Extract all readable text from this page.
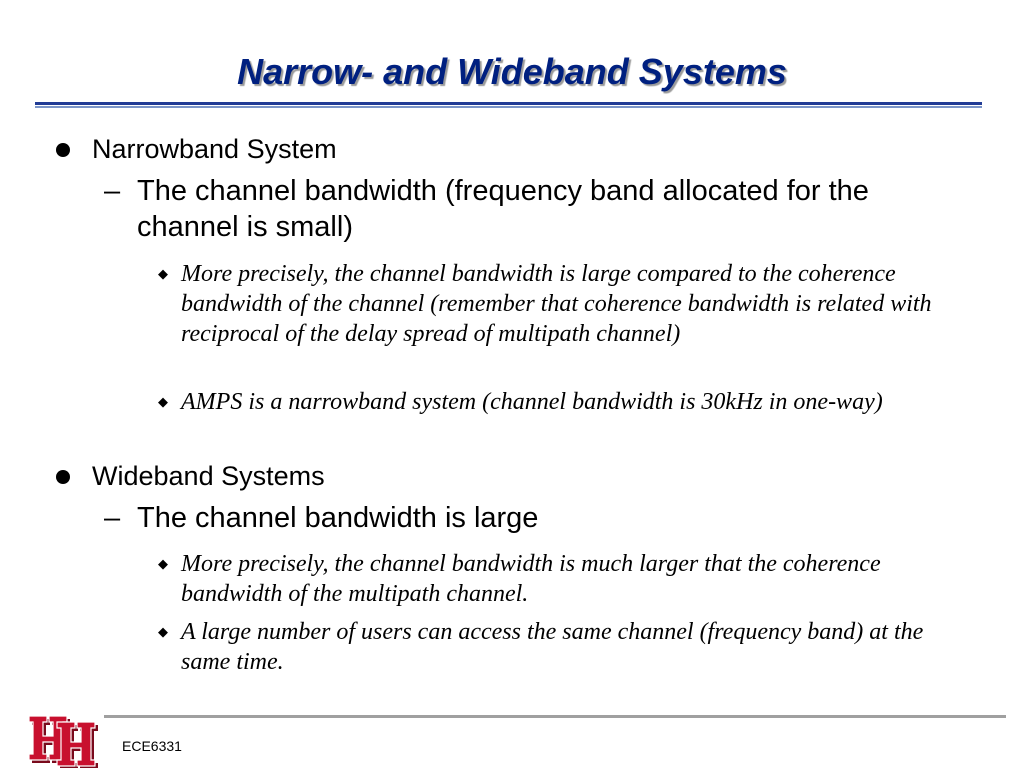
Narrow- and Wideband Systems
Narrowband System
– The channel bandwidth (frequency band allocated for the channel is small)
◆ More precisely, the channel bandwidth is large compared to the coherence bandwidth of the channel (remember that coherence bandwidth is related with reciprocal of the delay spread of multipath channel)
◆ AMPS is a narrowband system (channel bandwidth is 30kHz in one-way)
Wideband Systems
– The channel bandwidth is large
◆ More precisely, the channel bandwidth is much larger that the coherence bandwidth of the multipath channel.
◆ A large number of users can access the same channel (frequency band) at the same time.
ECE6331
